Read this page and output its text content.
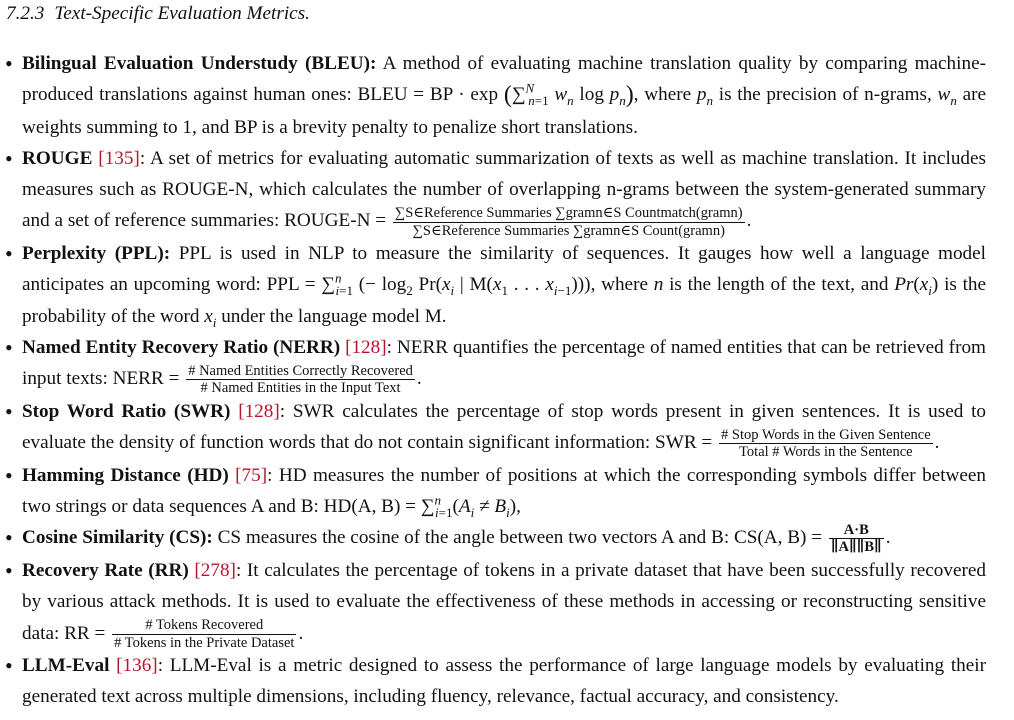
7.2.3 Text-Specific Evaluation Metrics.
• Bilingual Evaluation Understudy (BLEU): A method of evaluating machine translation quality by comparing machine-produced translations against human ones: BLEU = BP · exp (∑$^N_{n=1}$ $w_n$ $\log p_n$), where $p_n$ is the precision of n-grams, $w_n$ are weights summing to 1, and BP is a brevity penalty to penalize short translations.
• ROUGE [135]: A set of metrics for evaluating automatic summarization of texts as well as machine translation. It includes measures such as ROUGE-N, which calculates the number of overlapping n-grams between the system-generated summary and a set of reference summaries: ROUGE-N = $\frac{\text{∑S∈Reference Summaries ∑gramn∈S Countmatch(gramn)}}{\text{∑S∈Reference Summaries ∑gramn∈S Count(gramn)}}$ .
• Perplexity (PPL): PPL is used in NLP to measure the similarity of sequences. It gauges how well a language model anticipates an upcoming word: PPL = ∑$^n_{i=1}$ (− $\log_2 Pr(x_i$ | $M(x_1$ . . . $x_{i-1}$))), where n is the length of the text, and $Pr(x_i)$ is the probability of the word $x_i$ under the language model M.
• Named Entity Recovery Ratio (NERR) [128]: NERR quantifies the percentage of named entities that can be retrieved from input texts: NERR = $\frac{\text{\# Named Entities Correctly Recovered}}{\text{\# Named Entities in the Input Text}}$ .
• Stop Word Ratio (SWR) [128]: SWR calculates the percentage of stop words present in given sentences. It is used to evaluate the density of function words that do not contain significant information: SWR = $\frac{\text{\# Stop Words in the Given Sentence}}{\text{Total \# Words in the Sentence}}$ .
• Hamming Distance (HD) [75]: HD measures the number of positions at which the corresponding symbols differ between two strings or data sequences A and B: HD(A, $B) = \sum^n_{i=1}(A_i \ne B_i)$,
• Cosine Similarity (CS): CS measures the cosine of the angle between two vectors A and B: CS(A, $B) = \frac{A\cdot B}{\parallel A\parallel\parallel B\parallel}$ .
• Recovery Rate (RR) [278]: It calculates the percentage of tokens in a private dataset that have been successfully recovered by various attack methods. It is used to evaluate the effectiveness of these methods in accessing or reconstructing sensitive data: RR = $\frac{\text{\# Tokens Recovered}}{\text{\# Tokens in the Private Dataset}}$ .
• LLM-Eval [136]: LLM-Eval is a metric designed to assess the performance of large language models by evaluating their generated text across multiple dimensions, including fluency, relevance, factual accuracy, and consistency.
